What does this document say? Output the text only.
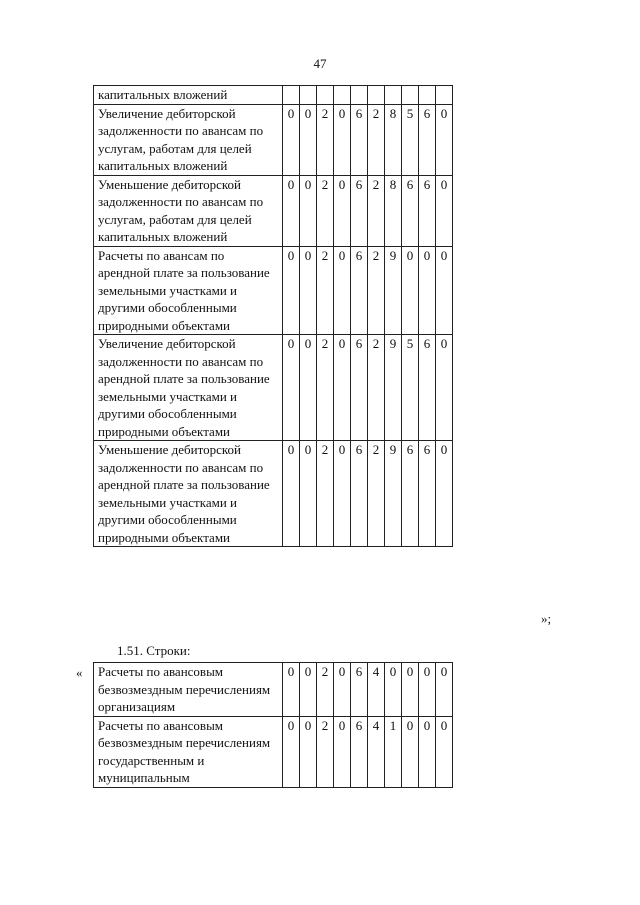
47
капитальных вложений										
Увеличение дебиторской задолженности по авансам по услугам, работам для целей капитальных вложений	0	0	2	0	6	2	8	5	6	0
Уменьшение дебиторской задолженности по авансам по услугам, работам для целей капитальных вложений	0	0	2	0	6	2	8	6	6	0
Расчеты по авансам по арендной плате за пользование земельными участками и другими обособленными природными объектами	0	0	2	0	6	2	9	0	0	0
Увеличение дебиторской задолженности по авансам по арендной плате за пользование земельными участками и другими обособленными природными объектами	0	0	2	0	6	2	9	5	6	0
Уменьшение дебиторской задолженности по авансам по арендной плате за пользование земельными участками и другими обособленными природными объектами	0	0	2	0	6	2	9	6	6	0
»;
1.51. Строки:
« Расчеты по авансовым безвозмездным перечислениям организациям	0	0	2	0	6	4	0	0	0	0
Расчеты по авансовым безвозмездным перечислениям государственным и муниципальным	0	0	2	0	6	4	1	0	0	0
